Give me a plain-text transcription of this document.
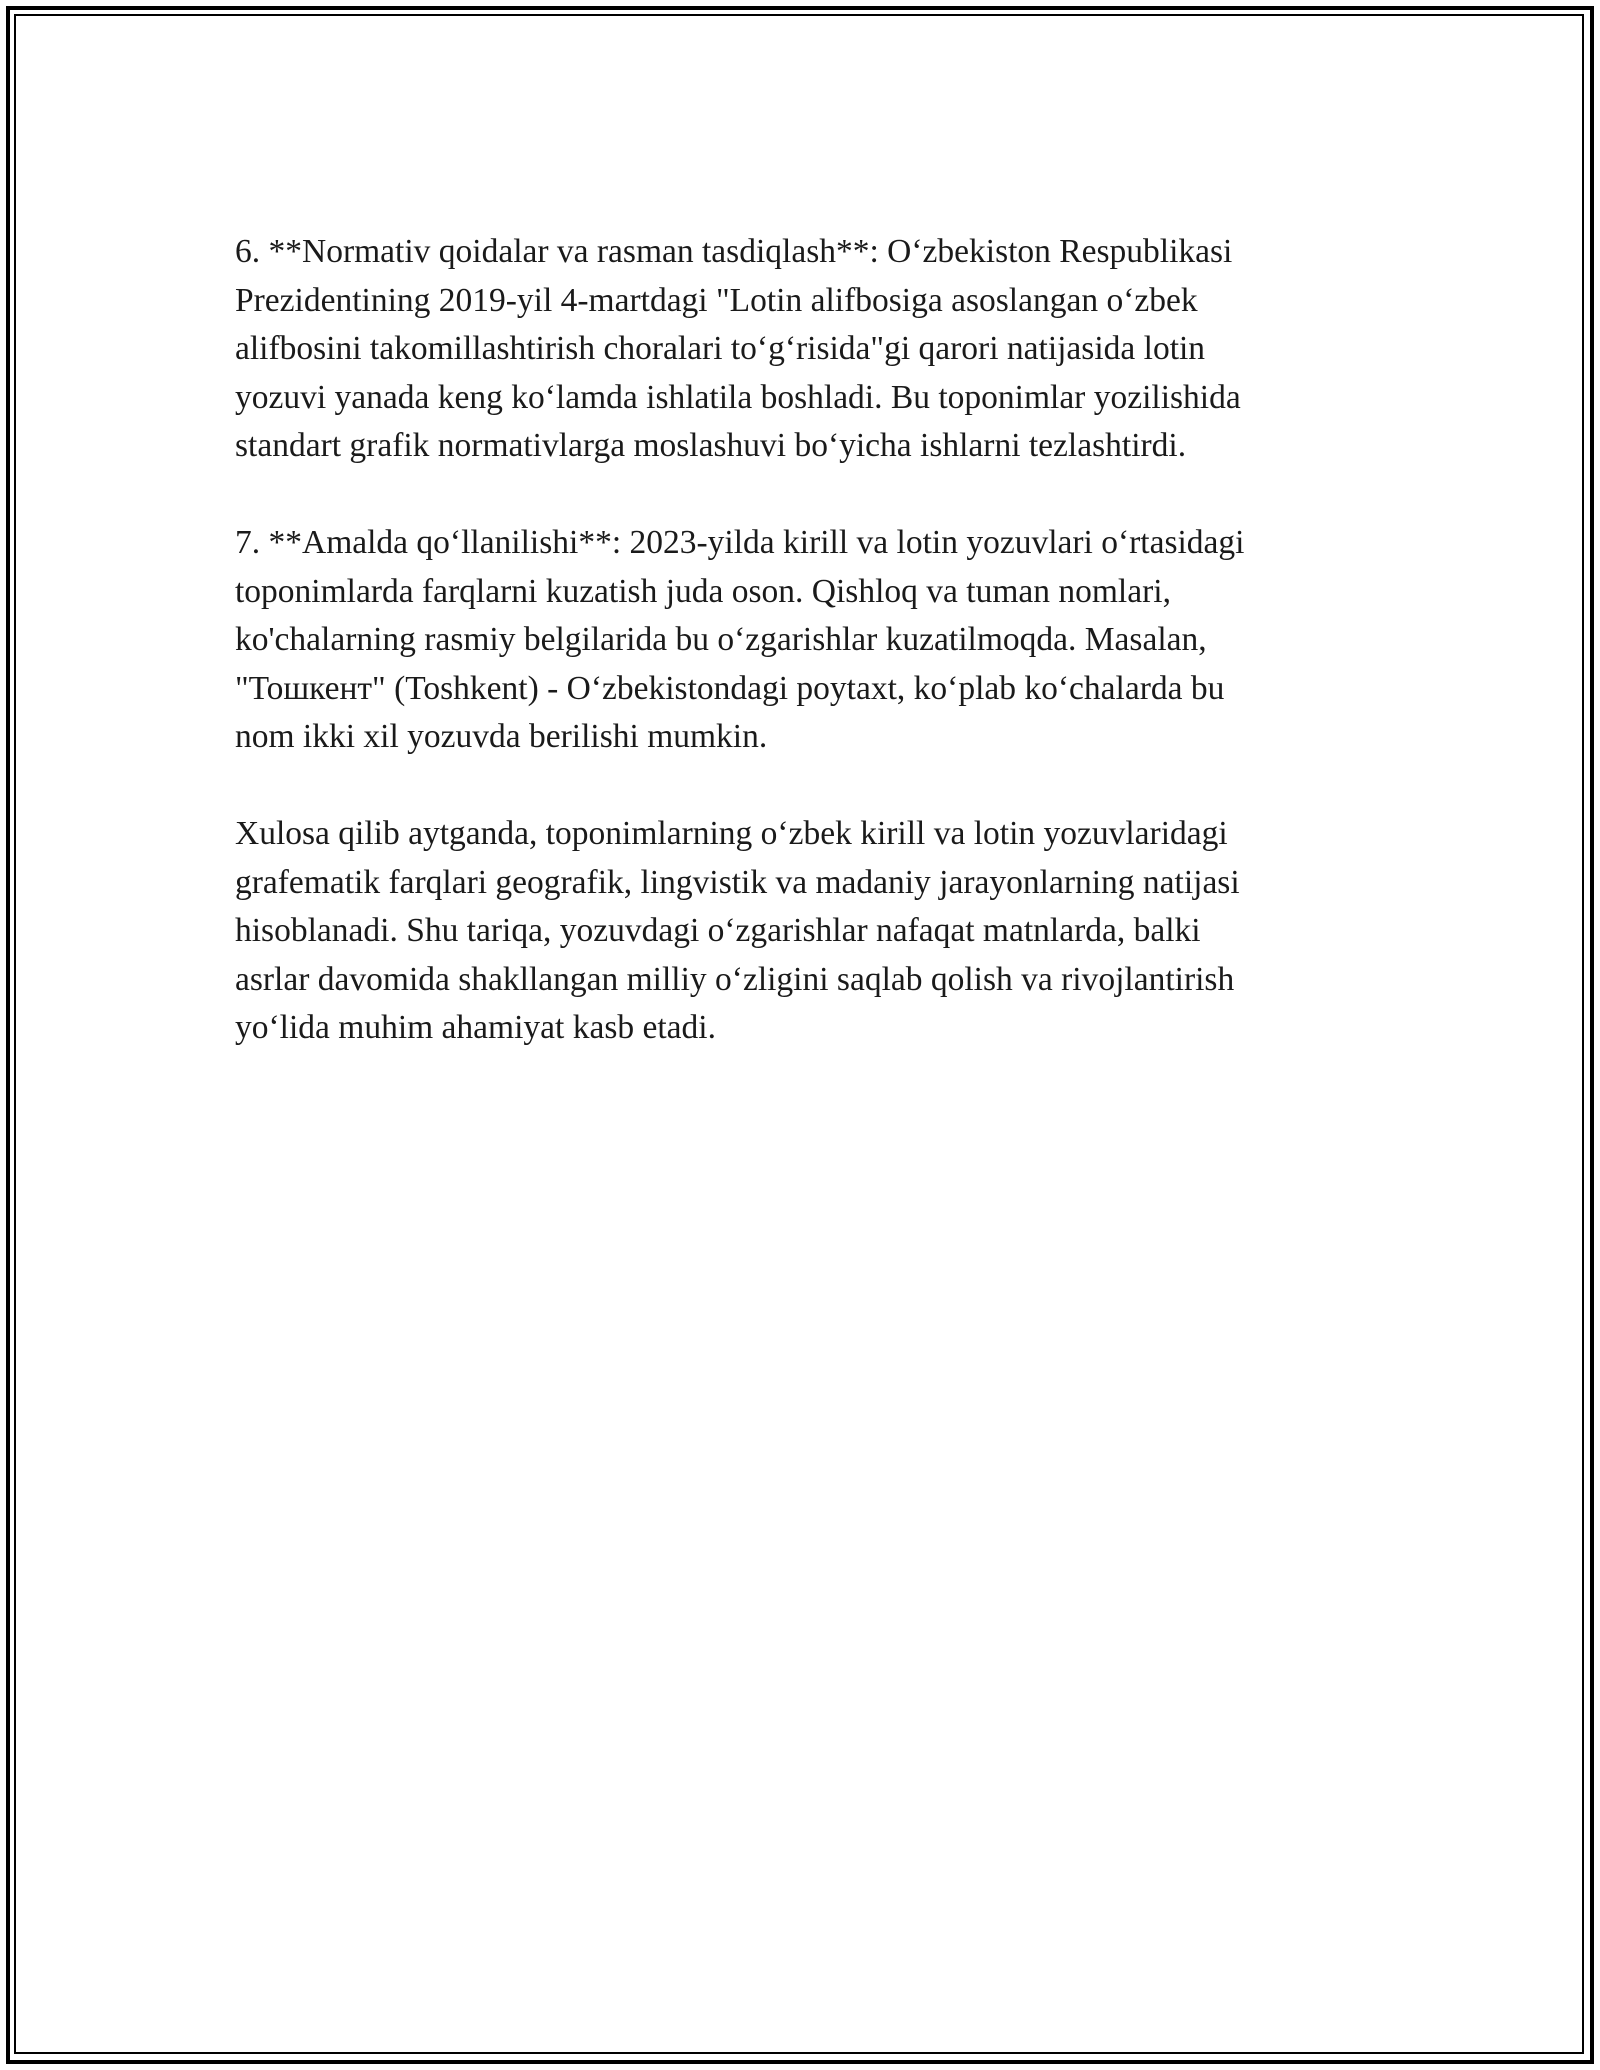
6. **Normativ qoidalar va rasman tasdiqlash**: O‘zbekiston Respublikasi
Prezidentining 2019-yil 4-martdagi "Lotin alifbosiga asoslangan o‘zbek
alifbosini takomillashtirish choralari to‘g‘risida"gi qarori natijasida lotin
yozuvi yanada keng ko‘lamda ishlatila boshladi. Bu toponimlar yozilishida
standart grafik normativlarga moslashuvi bo‘yicha ishlarni tezlashtirdi.

7. **Amalda qo‘llanilishi**: 2023-yilda kirill va lotin yozuvlari o‘rtasidagi
toponimlarda farqlarni kuzatish juda oson. Qishloq va tuman nomlari,
ko'chalarning rasmiy belgilarida bu o‘zgarishlar kuzatilmoqda. Masalan,
"Тошкент" (Toshkent) - O‘zbekistondagi poytaxt, ko‘plab ko‘chalarda bu
nom ikki xil yozuvda berilishi mumkin.

Xulosa qilib aytganda, toponimlarning o‘zbek kirill va lotin yozuvlaridagi
grafematik farqlari geografik, lingvistik va madaniy jarayonlarning natijasi
hisoblanadi. Shu tariqa, yozuvdagi o‘zgarishlar nafaqat matnlarda, balki
asrlar davomida shakllangan milliy o‘zligini saqlab qolish va rivojlantirish
yo‘lida muhim ahamiyat kasb etadi.
